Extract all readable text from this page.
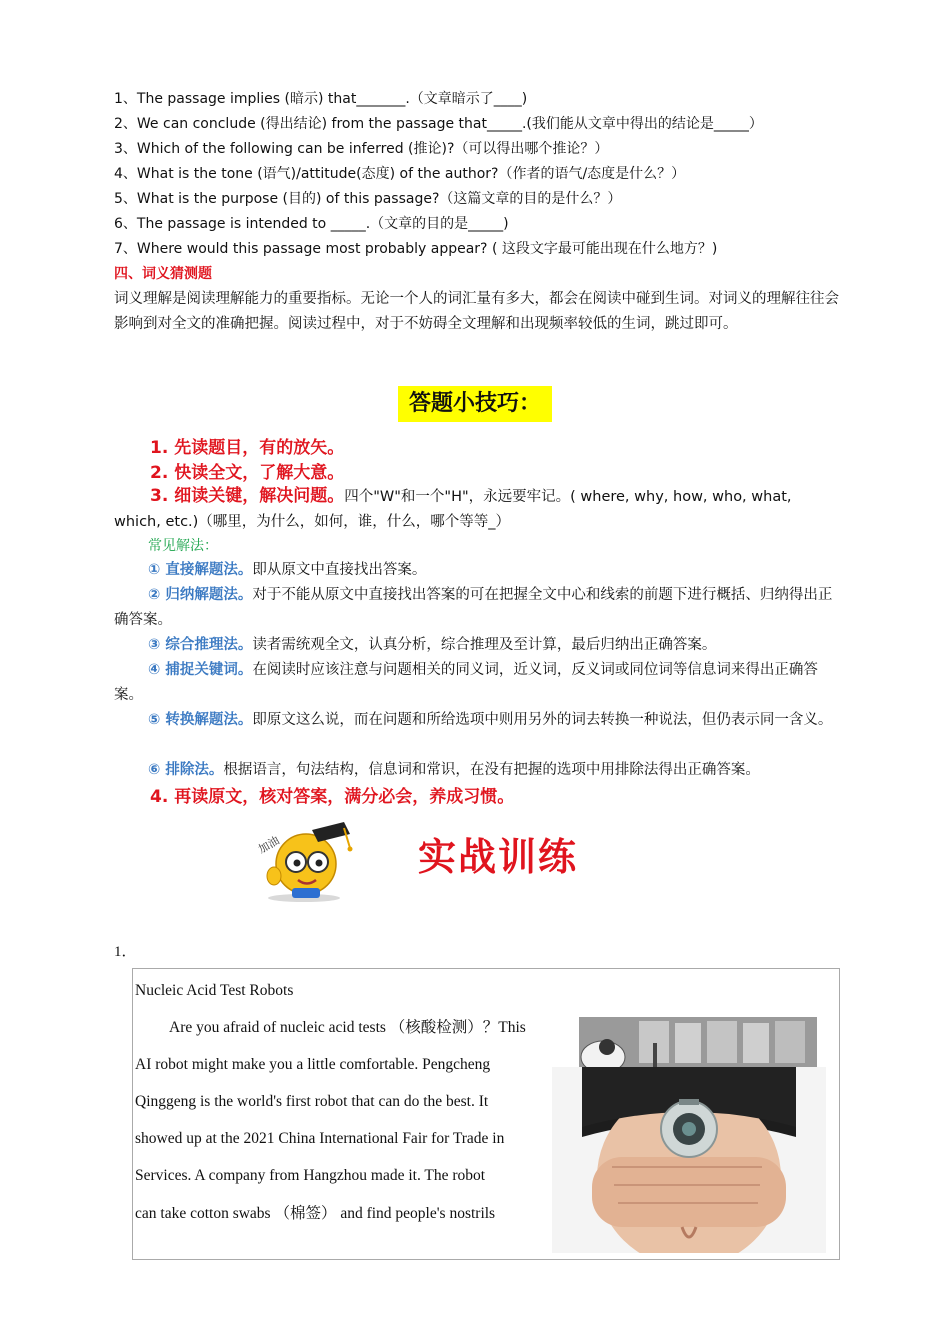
1、The passage implies (暗示) that_______.（文章暗示了____)
2、We can conclude (得出结论) from the passage that_____.(我们能从文章中得出的结论是_____）
3、Which of the following can be inferred (推论)?（可以得出哪个推论？）
4、What is the tone (语气)/attitude(态度) of the author?（作者的语气/态度是什么？）
5、What is the purpose (目的) of this passage?（这篇文章的目的是什么？）
6、The passage is intended to _____.（文章的目的是_____)
7、Where would this passage most probably appear? ( 这段文字最可能出现在什么地方？)
四、词义猜测题
词义理解是阅读理解能力的重要指标。无论一个人的词汇量有多大，都会在阅读中碰到生词。对词义的理解往往会影响到对全文的准确把握。阅读过程中，对于不妨碍全文理解和出现频率较低的生词，跳过即可。
答题小技巧：
1. 先读题目，有的放矢。
2. 快读全文，了解大意。
3. 细读关键，解决问题。四个"W"和一个"H"，永远要牢记。( where, why, how, who, what, which, etc.)（哪里，为什么，如何，谁，什么，哪个等等_）
常见解法：
① 直接解题法。即从原文中直接找出答案。
② 归纳解题法。对于不能从原文中直接找出答案的可在把握全文中心和线索的前题下进行概括、归纳得出正确答案。
③ 综合推理法。读者需统观全文，认真分析，综合推理及至计算，最后归纳出正确答案。
④ 捕捉关键词。在阅读时应该注意与问题相关的同义词，近义词，反义词或同位词等信息词来得出正确答案。
⑤ 转换解题法。即原文这么说，而在问题和所给选项中则用另外的词去转换一种说法，但仍表示同一含义。
⑥ 排除法。根据语言，句法结构，信息词和常识，在没有把握的选项中用排除法得出正确答案。
4. 再读原文，核对答案，满分必会，养成习惯。
加油	实战训练
1．
Nucleic Acid Test Robots
Are you afraid of nucleic acid tests （核酸检测）？This
AI robot might make you a little comfortable. Pengcheng
Qinggeng is the world's first robot that can do the best. It
showed up at the 2021 China International Fair for Trade in
Services. A company from Hangzhou made it. The robot
can take cotton swabs （棉签） and find people's nostrils
